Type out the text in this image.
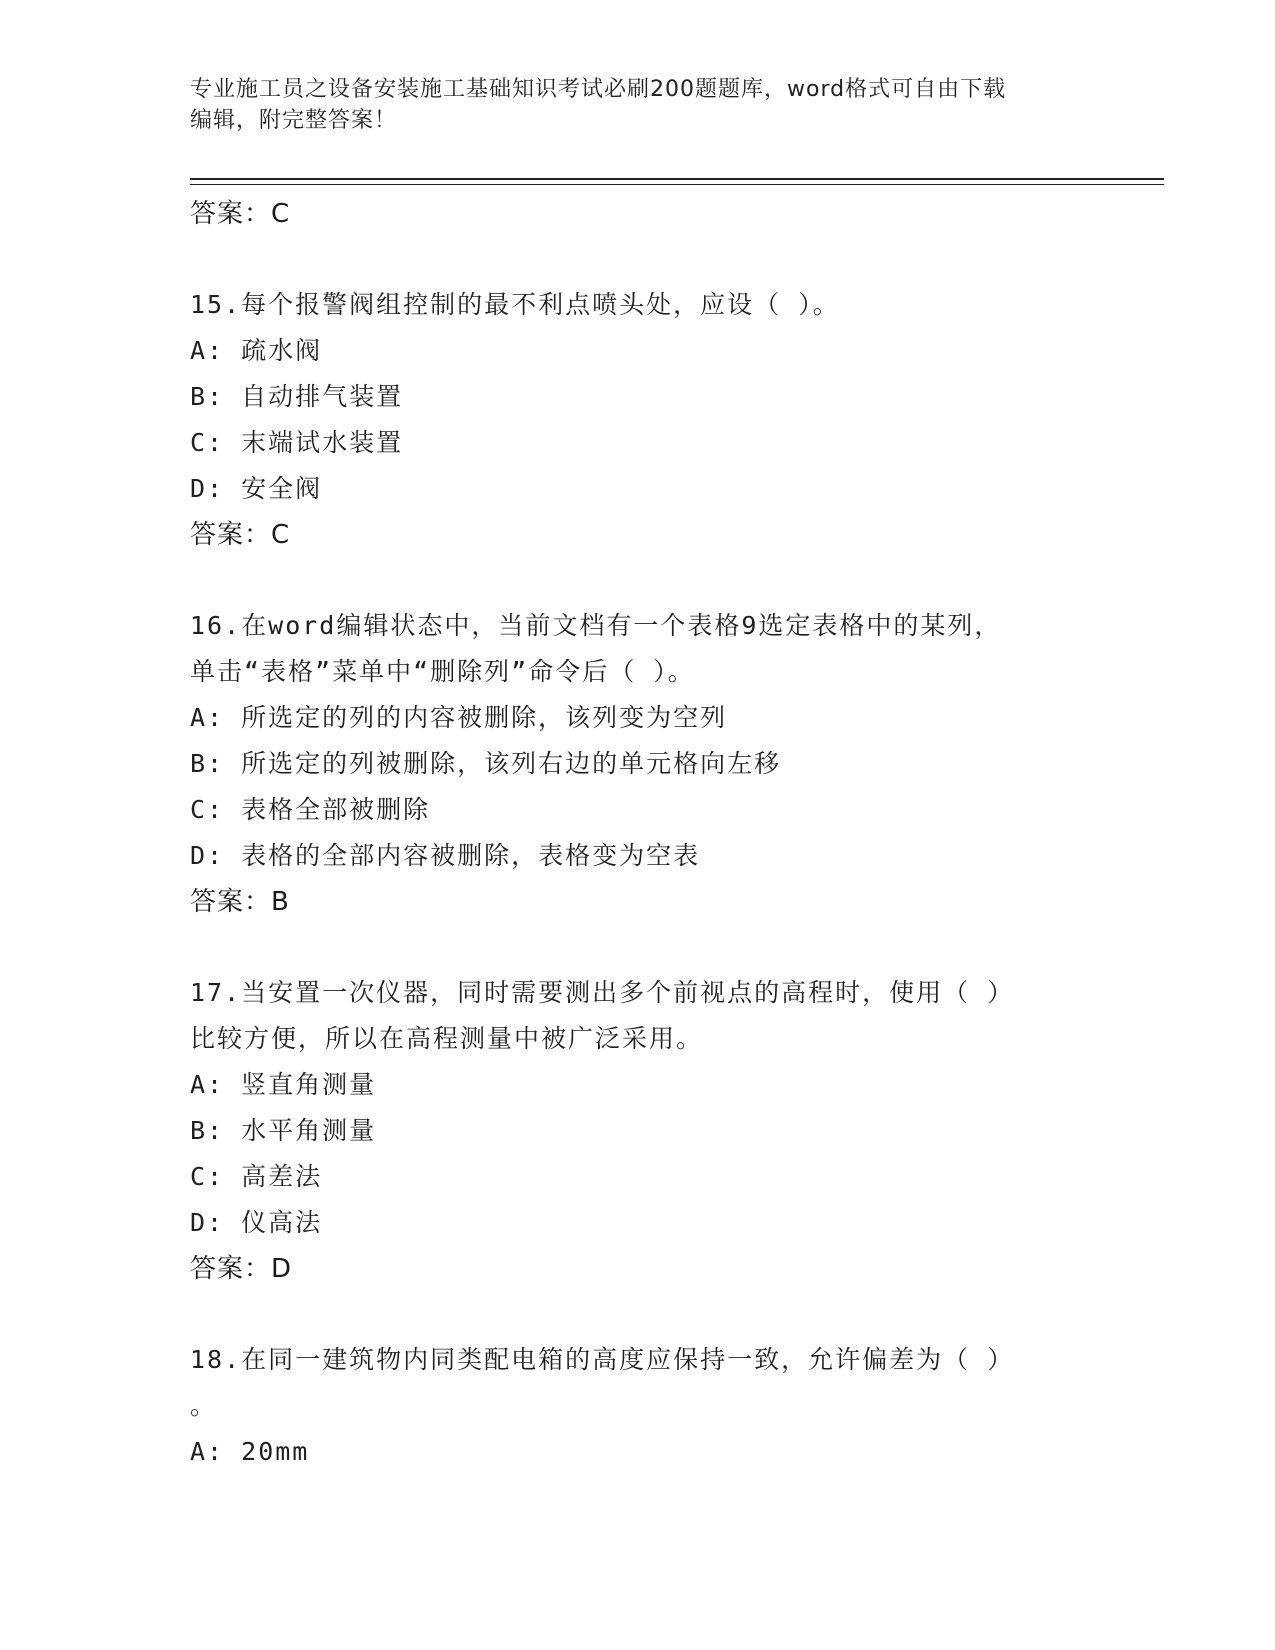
专业施工员之设备安装施工基础知识考试必刷200题题库，word格式可自由下载
编辑，附完整答案！
答案：C
15.每个报警阀组控制的最不利点喷头处，应设（ ）。
A: 疏水阀
B: 自动排气装置
C: 末端试水装置
D: 安全阀
答案：C
16.在word编辑状态中，当前文档有一个表格9选定表格中的某列，
单击“表格”菜单中“删除列”命令后（ ）。
A: 所选定的列的内容被删除，该列变为空列
B: 所选定的列被删除，该列右边的单元格向左移
C: 表格全部被删除
D: 表格的全部内容被删除，表格变为空表
答案：B
17.当安置一次仪器，同时需要测出多个前视点的高程时，使用（ ）
比较方便，所以在高程测量中被广泛采用。
A: 竖直角测量
B: 水平角测量
C: 高差法
D: 仪高法
答案：D
18.在同一建筑物内同类配电箱的高度应保持一致，允许偏差为（ ）
。
A: 20mm
